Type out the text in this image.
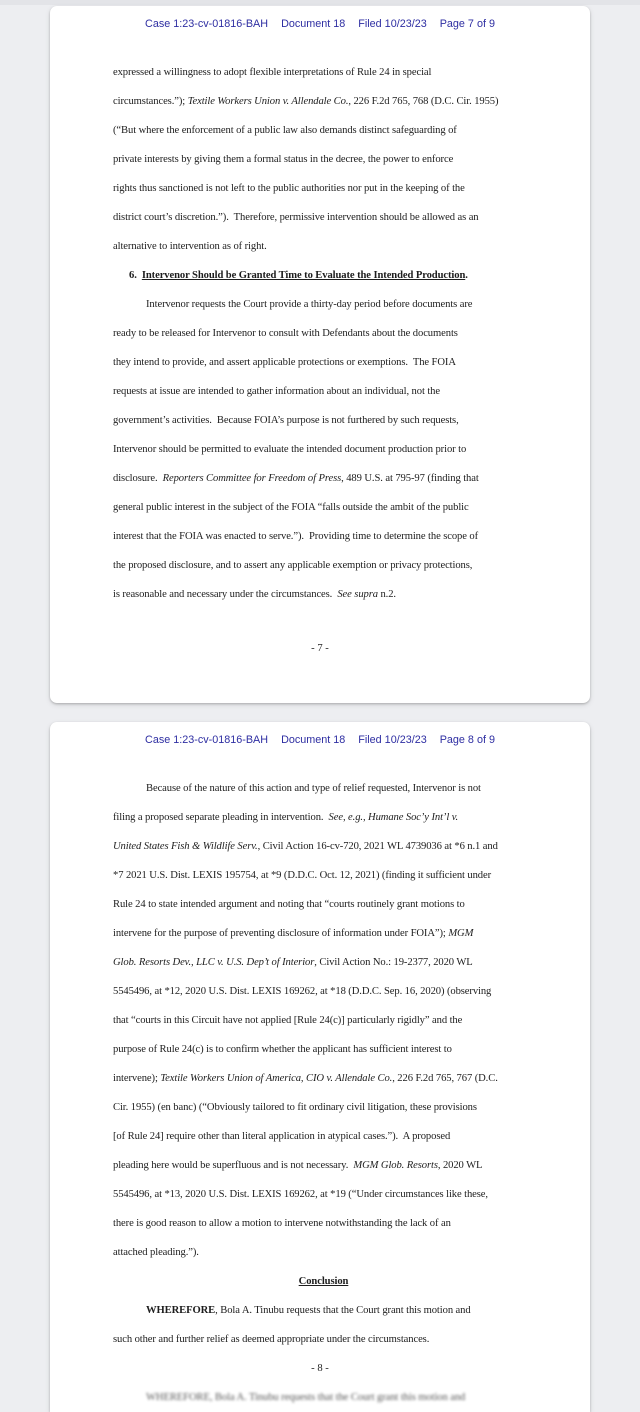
Case 1:23-cv-01816-BAH Document 18 Filed 10/23/23 Page 7 of 9
expressed a willingness to adopt flexible interpretations of Rule 24 in special
circumstances.”); Textile Workers Union v. Allendale Co., 226 F.2d 765, 768 (D.C. Cir. 1955)
(“But where the enforcement of a public law also demands distinct safeguarding of
private interests by giving them a formal status in the decree, the power to enforce
rights thus sanctioned is not left to the public authorities nor put in the keeping of the
district court’s discretion.”).  Therefore, permissive intervention should be allowed as an
alternative to intervention as of right.
6.  Intervenor Should be Granted Time to Evaluate the Intended Production.
Intervenor requests the Court provide a thirty-day period before documents are
ready to be released for Intervenor to consult with Defendants about the documents
they intend to provide, and assert applicable protections or exemptions.  The FOIA
requests at issue are intended to gather information about an individual, not the
government’s activities.  Because FOIA’s purpose is not furthered by such requests,
Intervenor should be permitted to evaluate the intended document production prior to
disclosure.  Reporters Committee for Freedom of Press, 489 U.S. at 795-97 (finding that
general public interest in the subject of the FOIA “falls outside the ambit of the public
interest that the FOIA was enacted to serve.”).  Providing time to determine the scope of
the proposed disclosure, and to assert any applicable exemption or privacy protections,
is reasonable and necessary under the circumstances.  See supra n.2.
- 7 -
Case 1:23-cv-01816-BAH Document 18 Filed 10/23/23 Page 8 of 9
Because of the nature of this action and type of relief requested, Intervenor is not
filing a proposed separate pleading in intervention.  See, e.g., Humane Soc’y Int’l v.
United States Fish & Wildlife Serv., Civil Action 16-cv-720, 2021 WL 4739036 at *6 n.1 and
*7 2021 U.S. Dist. LEXIS 195754, at *9 (D.D.C. Oct. 12, 2021) (finding it sufficient under
Rule 24 to state intended argument and noting that “courts routinely grant motions to
intervene for the purpose of preventing disclosure of information under FOIA”); MGM
Glob. Resorts Dev., LLC v. U.S. Dep’t of Interior, Civil Action No.: 19-2377, 2020 WL
5545496, at *12, 2020 U.S. Dist. LEXIS 169262, at *18 (D.D.C. Sep. 16, 2020) (observing
that “courts in this Circuit have not applied [Rule 24(c)] particularly rigidly” and the
purpose of Rule 24(c) is to confirm whether the applicant has sufficient interest to
intervene); Textile Workers Union of America, CIO v. Allendale Co., 226 F.2d 765, 767 (D.C.
Cir. 1955) (en banc) (“Obviously tailored to fit ordinary civil litigation, these provisions
[of Rule 24] require other than literal application in atypical cases.”).  A proposed
pleading here would be superfluous and is not necessary.  MGM Glob. Resorts, 2020 WL
5545496, at *13, 2020 U.S. Dist. LEXIS 169262, at *19 (“Under circumstances like these,
there is good reason to allow a motion to intervene notwithstanding the lack of an
attached pleading.”).
Conclusion
WHEREFORE, Bola A. Tinubu requests that the Court grant this motion and
such other and further relief as deemed appropriate under the circumstances.
- 8 -
WHEREFORE, Bola A. Tinubu requests that the Court grant this motion and
